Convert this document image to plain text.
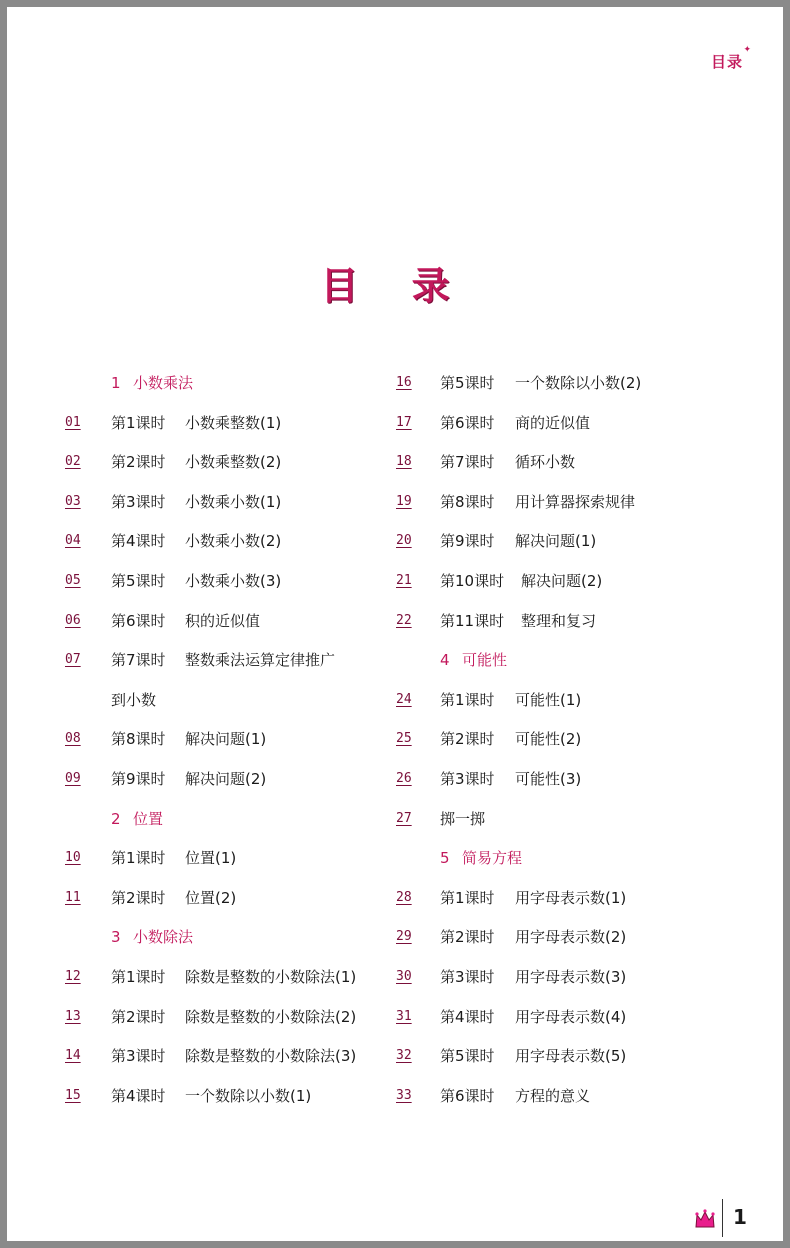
目录
✦
目 录
1 小数乘法
01	第1课时 小数乘整数(1)
02	第2课时 小数乘整数(2)
03	第3课时 小数乘小数(1)
04	第4课时 小数乘小数(2)
05	第5课时 小数乘小数(3)
06	第6课时 积的近似值
07	第7课时 整数乘法运算定律推广
到小数
08	第8课时 解决问题(1)
09	第9课时 解决问题(2)
2 位置
10	第1课时 位置(1)
11	第2课时 位置(2)
3 小数除法
12	第1课时 除数是整数的小数除法(1)
13	第2课时 除数是整数的小数除法(2)
14	第3课时 除数是整数的小数除法(3)
15	第4课时 一个数除以小数(1)
16	第5课时 一个数除以小数(2)
17	第6课时 商的近似值
18	第7课时 循环小数
19	第8课时 用计算器探索规律
20	第9课时 解决问题(1)
21	第10课时 解决问题(2)
22	第11课时 整理和复习
4 可能性
24	第1课时 可能性(1)
25	第2课时 可能性(2)
26	第3课时 可能性(3)
27	掷一掷
5 简易方程
28	第1课时 用字母表示数(1)
29	第2课时 用字母表示数(2)
30	第3课时 用字母表示数(3)
31	第4课时 用字母表示数(4)
32	第5课时 用字母表示数(5)
33	第6课时 方程的意义
1
